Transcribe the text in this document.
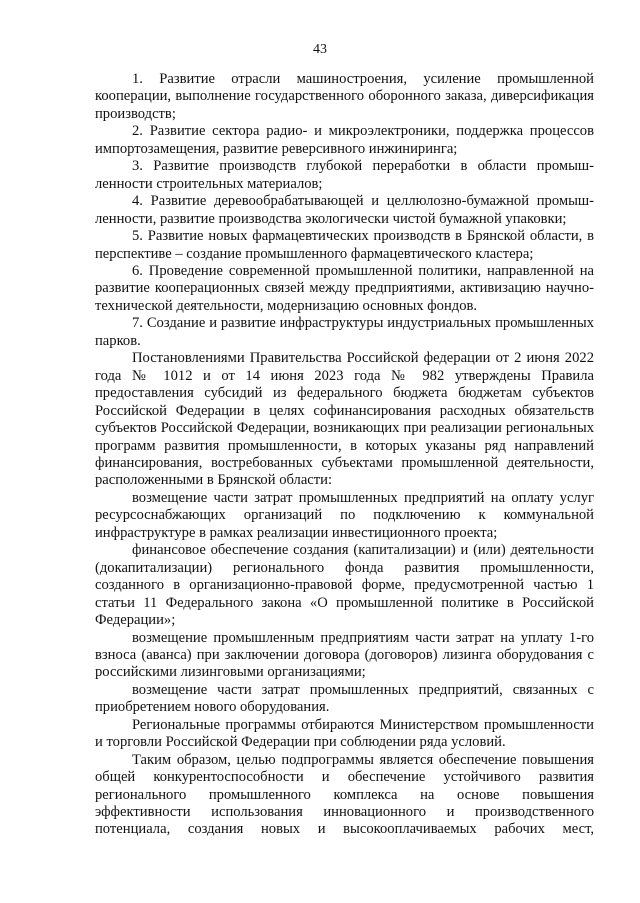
43

1. Развитие отрасли машиностроения, усиление промышленной кооперации, выполнение государственного оборонного заказа, диверсификация производств;

2. Развитие сектора радио- и микроэлектроники, поддержка процессов импортозамещения, развитие реверсивного инжиниринга;

3. Развитие производств глубокой переработки в области промышленности строительных материалов;

4. Развитие деревообрабатывающей и целлюлозно-бумажной промышленности, развитие производства экологически чистой бумажной упаковки;

5. Развитие новых фармацевтических производств в Брянской области, в перспективе – создание промышленного фармацевтического кластера;

6. Проведение современной промышленной политики, направленной на развитие кооперационных связей между предприятиями, активизацию научно-технической деятельности, модернизацию основных фондов.

7. Создание и развитие инфраструктуры индустриальных промышленных парков.

Постановлениями Правительства Российской федерации от 2 июня 2022 года № 1012 и от 14 июня 2023 года № 982 утверждены Правила предоставления субсидий из федерального бюджета бюджетам субъектов Российской Федерации в целях софинансирования расходных обязательств субъектов Российской Федерации, возникающих при реализации региональных программ развития промышленности, в которых указаны ряд направлений финансирования, востребованных субъектами промышленной деятельности, расположенными в Брянской области:

возмещение части затрат промышленных предприятий на оплату услуг ресурсоснабжающих организаций по подключению к коммунальной инфраструктуре в рамках реализации инвестиционного проекта;

финансовое обеспечение создания (капитализации) и (или) деятельности (докапитализации) регионального фонда развития промышленности, созданного в организационно-правовой форме, предусмотренной частью 1 статьи 11 Федерального закона «О промышленной политике в Российской Федерации»;

возмещение промышленным предприятиям части затрат на уплату 1-го взноса (аванса) при заключении договора (договоров) лизинга оборудования с российскими лизинговыми организациями;

возмещение части затрат промышленных предприятий, связанных с приобретением нового оборудования.

Региональные программы отбираются Министерством промышленности и торговли Российской Федерации при соблюдении ряда условий.

Таким образом, целью подпрограммы является обеспечение повышения общей конкурентоспособности и обеспечение устойчивого развития регионального промышленного комплекса на основе повышения эффективности использования инновационного и производственного потенциала, создания новых и высокооплачиваемых рабочих мест,
